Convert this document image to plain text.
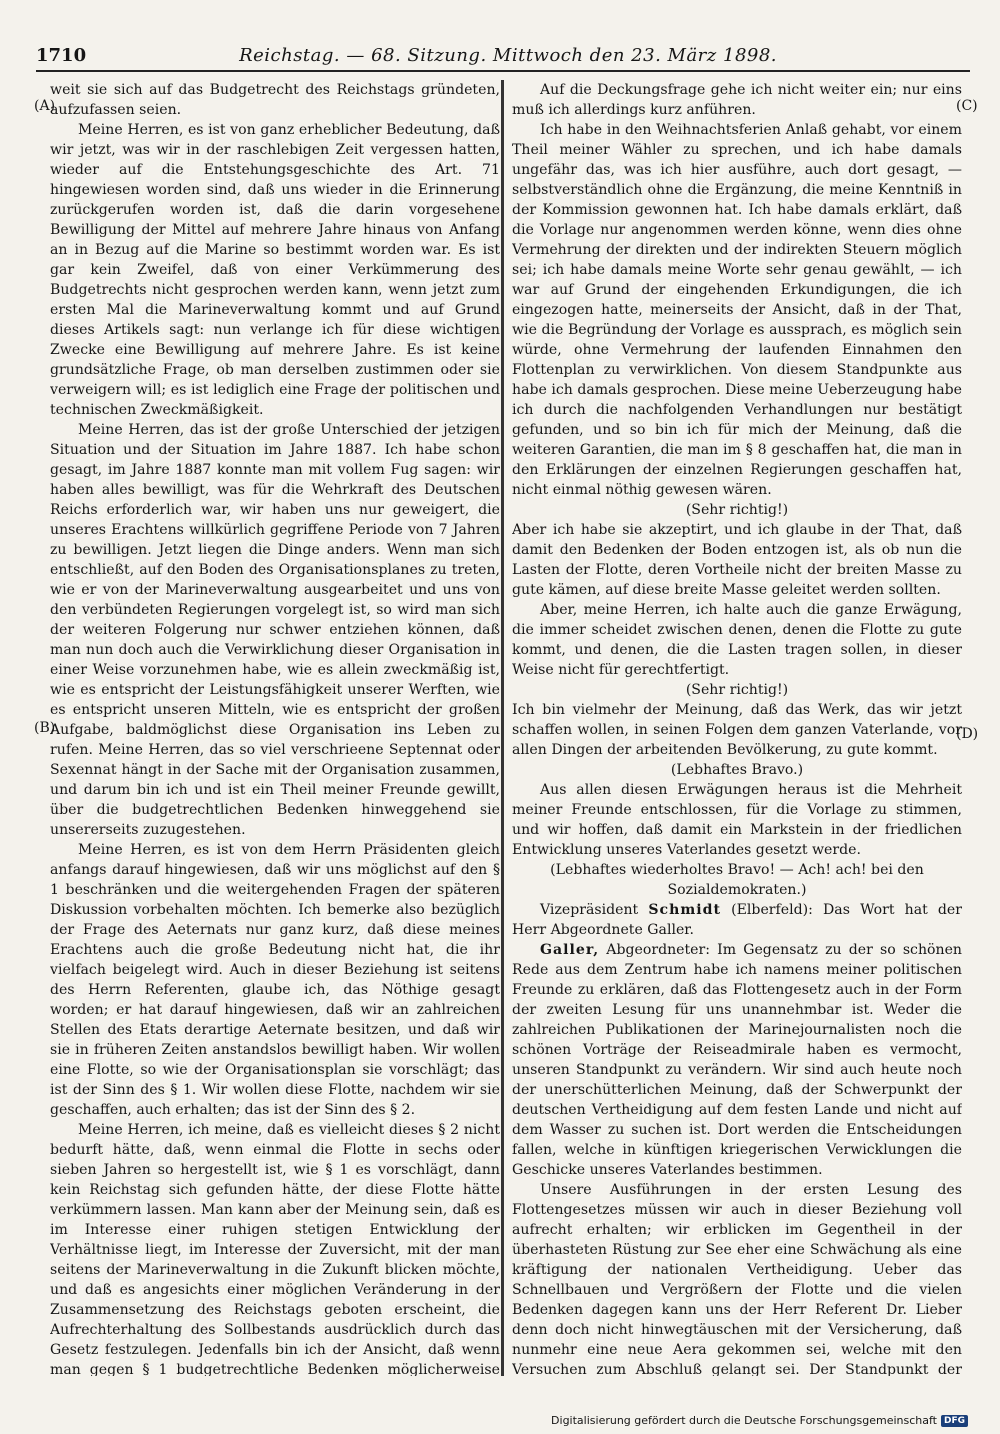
1710	Reichstag. — 68. Sitzung. Mittwoch den 23. März 1898.
(A)
(B)
(C)
(D)

weit sie sich auf das Budgetrecht des Reichstags gründeten, aufzufassen seien.

Meine Herren, es ist von ganz erheblicher Bedeutung, daß wir jetzt, was wir in der raschlebigen Zeit vergessen hatten, wieder auf die Entstehungsgeschichte des Art. 71 hingewiesen worden sind, daß uns wieder in die Erinnerung zurückgerufen worden ist, daß die darin vorgesehene Bewilligung der Mittel auf mehrere Jahre hinaus von Anfang an in Bezug auf die Marine so bestimmt worden war. Es ist gar kein Zweifel, daß von einer Verkümmerung des Budgetrechts nicht gesprochen werden kann, wenn jetzt zum ersten Mal die Marineverwaltung kommt und auf Grund dieses Artikels sagt: nun verlange ich für diese wichtigen Zwecke eine Bewilligung auf mehrere Jahre. Es ist keine grundsätzliche Frage, ob man derselben zustimmen oder sie verweigern will; es ist lediglich eine Frage der politischen und technischen Zweckmäßigkeit.

Meine Herren, das ist der große Unterschied der jetzigen Situation und der Situation im Jahre 1887. Ich habe schon gesagt, im Jahre 1887 konnte man mit vollem Fug sagen: wir haben alles bewilligt, was für die Wehrkraft des Deutschen Reichs erforderlich war, wir haben uns nur geweigert, die unseres Erachtens willkürlich gegriffene Periode von 7 Jahren zu bewilligen. Jetzt liegen die Dinge anders. Wenn man sich entschließt, auf den Boden des Organisationsplanes zu treten, wie er von der Marineverwaltung ausgearbeitet und uns von den verbündeten Regierungen vorgelegt ist, so wird man sich der weiteren Folgerung nur schwer entziehen können, daß man nun doch auch die Verwirklichung dieser Organisation in einer Weise vorzunehmen habe, wie es allein zweckmäßig ist, wie es entspricht der Leistungsfähigkeit unserer Werften, wie es entspricht unseren Mitteln, wie es entspricht der großen Aufgabe, baldmöglichst diese Organisation ins Leben zu rufen. Meine Herren, das so viel verschrieene Septennat oder Sexennat hängt in der Sache mit der Organisation zusammen, und darum bin ich und ist ein Theil meiner Freunde gewillt, über die budgetrechtlichen Bedenken hinweggehend sie unsererseits zuzugestehen.

Meine Herren, es ist von dem Herrn Präsidenten gleich anfangs darauf hingewiesen, daß wir uns möglichst auf den § 1 beschränken und die weitergehenden Fragen der späteren Diskussion vorbehalten möchten. Ich bemerke also bezüglich der Frage des Aeternats nur ganz kurz, daß diese meines Erachtens auch die große Bedeutung nicht hat, die ihr vielfach beigelegt wird. Auch in dieser Beziehung ist seitens des Herrn Referenten, glaube ich, das Nöthige gesagt worden; er hat darauf hingewiesen, daß wir an zahlreichen Stellen des Etats derartige Aeternate besitzen, und daß wir sie in früheren Zeiten anstandslos bewilligt haben. Wir wollen eine Flotte, so wie der Organisationsplan sie vorschlägt; das ist der Sinn des § 1. Wir wollen diese Flotte, nachdem wir sie geschaffen, auch erhalten; das ist der Sinn des § 2.

Meine Herren, ich meine, daß es vielleicht dieses § 2 nicht bedurft hätte, daß, wenn einmal die Flotte in sechs oder sieben Jahren so hergestellt ist, wie § 1 es vorschlägt, dann kein Reichstag sich gefunden hätte, der diese Flotte hätte verkümmern lassen. Man kann aber der Meinung sein, daß es im Interesse einer ruhigen stetigen Entwicklung der Verhältnisse liegt, im Interesse der Zuversicht, mit der man seitens der Marineverwaltung in die Zukunft blicken möchte, und daß es angesichts einer möglichen Veränderung in der Zusammensetzung des Reichstags geboten erscheint, die Aufrechterhaltung des Sollbestands ausdrücklich durch das Gesetz festzulegen. Jedenfalls bin ich der Ansicht, daß wenn man gegen § 1 budgetrechtliche Bedenken möglicherweise

Auf die Deckungsfrage gehe ich nicht weiter ein; nur eins muß ich allerdings kurz anführen.

Ich habe in den Weihnachtsferien Anlaß gehabt, vor einem Theil meiner Wähler zu sprechen, und ich habe damals ungefähr das, was ich hier ausführe, auch dort gesagt, — selbstverständlich ohne die Ergänzung, die meine Kenntniß in der Kommission gewonnen hat. Ich habe damals erklärt, daß die Vorlage nur angenommen werden könne, wenn dies ohne Vermehrung der direkten und der indirekten Steuern möglich sei; ich habe damals meine Worte sehr genau gewählt, — ich war auf Grund der eingehenden Erkundigungen, die ich eingezogen hatte, meinerseits der Ansicht, daß in der That, wie die Begründung der Vorlage es aussprach, es möglich sein würde, ohne Vermehrung der laufenden Einnahmen den Flottenplan zu verwirklichen. Von diesem Standpunkte aus habe ich damals gesprochen. Diese meine Ueberzeugung habe ich durch die nachfolgenden Verhandlungen nur bestätigt gefunden, und so bin ich für mich der Meinung, daß die weiteren Garantien, die man im § 8 geschaffen hat, die man in den Erklärungen der einzelnen Regierungen geschaffen hat, nicht einmal nöthig gewesen wären.

(Sehr richtig!)

Aber ich habe sie akzeptirt, und ich glaube in der That, daß damit den Bedenken der Boden entzogen ist, als ob nun die Lasten der Flotte, deren Vortheile nicht der breiten Masse zu gute kämen, auf diese breite Masse geleitet werden sollten.

Aber, meine Herren, ich halte auch die ganze Erwägung, die immer scheidet zwischen denen, denen die Flotte zu gute kommt, und denen, die die Lasten tragen sollen, in dieser Weise nicht für gerechtfertigt.

(Sehr richtig!)

Ich bin vielmehr der Meinung, daß das Werk, das wir jetzt schaffen wollen, in seinen Folgen dem ganzen Vaterlande, vor allen Dingen der arbeitenden Bevölkerung, zu gute kommt.

(Lebhaftes Bravo.)

Aus allen diesen Erwägungen heraus ist die Mehrheit meiner Freunde entschlossen, für die Vorlage zu stimmen, und wir hoffen, daß damit ein Markstein in der friedlichen Entwicklung unseres Vaterlandes gesetzt werde.

(Lebhaftes wiederholtes Bravo! — Ach! ach! bei den Sozialdemokraten.)

Vizepräsident Schmidt (Elberfeld): Das Wort hat der Herr Abgeordnete Galler.

Galler, Abgeordneter: Im Gegensatz zu der so schönen Rede aus dem Zentrum habe ich namens meiner politischen Freunde zu erklären, daß das Flottengesetz auch in der Form der zweiten Lesung für uns unannehmbar ist. Weder die zahlreichen Publikationen der Marinejournalisten noch die schönen Vorträge der Reiseadmirale haben es vermocht, unseren Standpunkt zu verändern. Wir sind auch heute noch der unerschütterlichen Meinung, daß der Schwerpunkt der deutschen Vertheidigung auf dem festen Lande und nicht auf dem Wasser zu suchen ist. Dort werden die Entscheidungen fallen, welche in künftigen kriegerischen Verwicklungen die Geschicke unseres Vaterlandes bestimmen.

Unsere Ausführungen in der ersten Lesung des Flottengesetzes müssen wir auch in dieser Beziehung voll aufrecht erhalten; wir erblicken im Gegentheil in der überhasteten Rüstung zur See eher eine Schwächung als eine kräftigung der nationalen Vertheidigung. Ueber das Schnellbauen und Vergrößern der Flotte und die vielen Bedenken dagegen kann uns der Herr Referent Dr. Lieber denn doch nicht hinwegtäuschen mit der Versicherung, daß nunmehr eine neue Aera gekommen sei, welche mit den Versuchen zum Abschluß gelangt sei. Der Standpunkt der

Digitalisierung gefördert durch die Deutsche Forschungsgemeinschaft DFG
